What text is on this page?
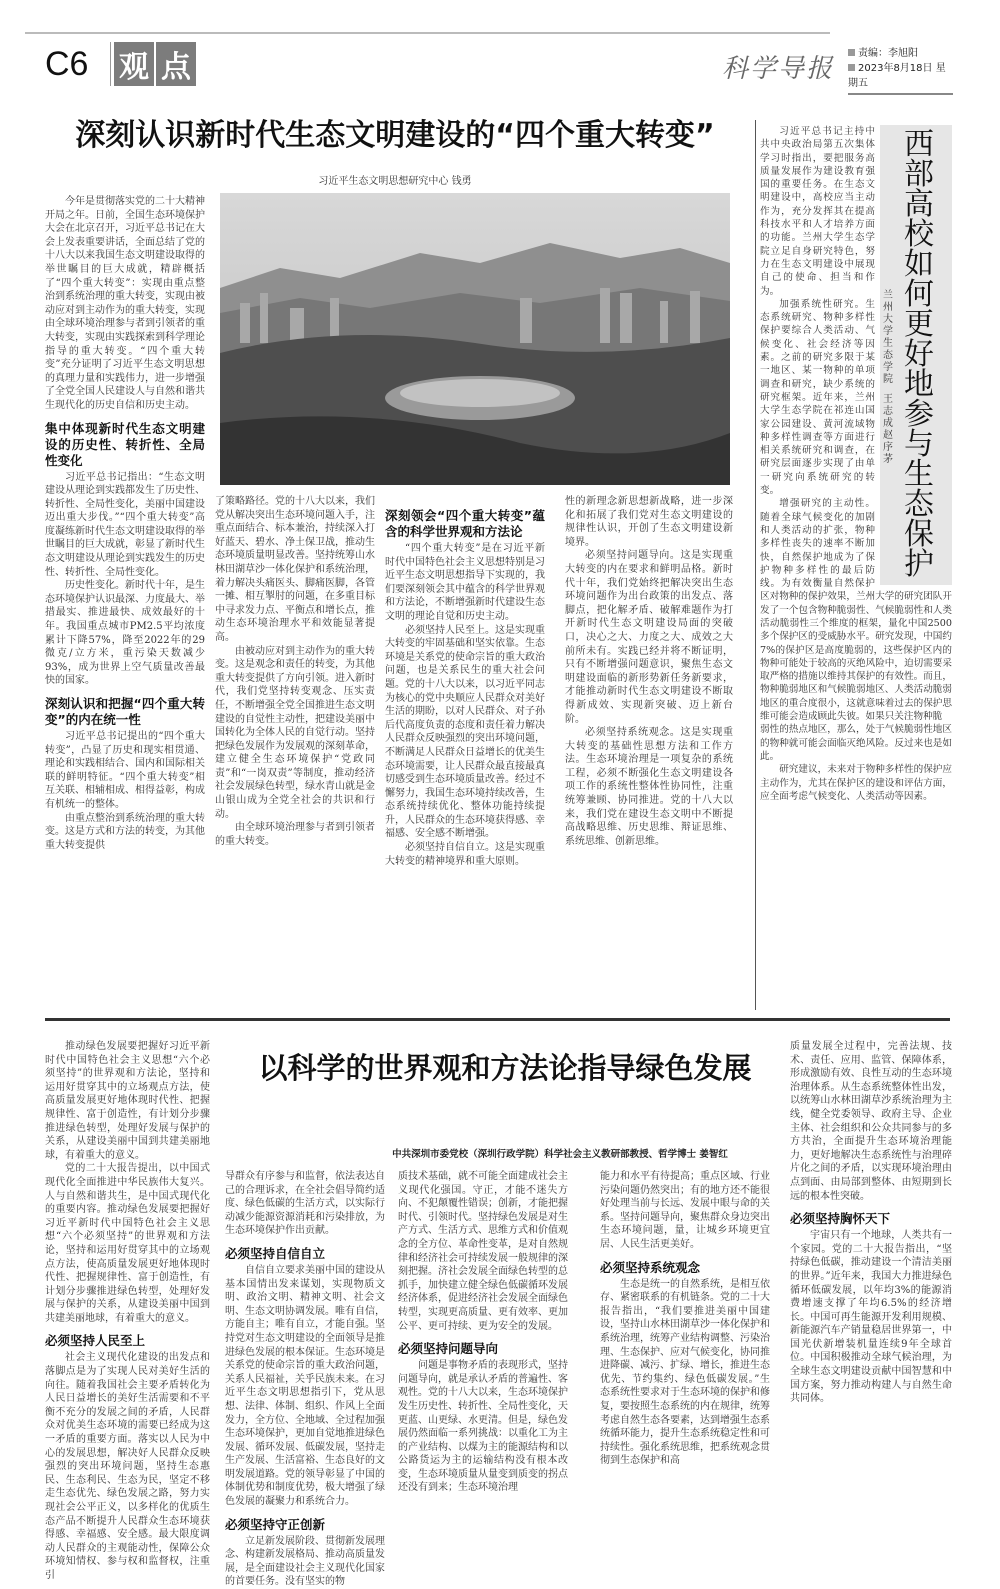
C6 观 点	科学导报
责编：李旭阳
2023年8月18日 星期五
深刻认识新时代生态文明建设的“四个重大转变”
习近平生态文明思想研究中心 钱勇

今年是贯彻落实党的二十大精神开局之年。日前，全国生态环境保护大会在北京召开，习近平总书记在大会上发表重要讲话，全面总结了党的十八大以来我国生态文明建设取得的举世瞩目的巨大成就，精辟概括了“四个重大转变”：实现由重点整治到系统治理的重大转变，实现由被动应对到主动作为的重大转变，实现由全球环境治理参与者到引领者的重大转变，实现由实践探索到科学理论指导的重大转变。“四个重大转变”充分证明了习近平生态文明思想的真理力量和实践伟力，进一步增强了全党全国人民建设人与自然和谐共生现代化的历史自信和历史主动。

集中体现新时代生态文明建设的历史性、转折性、全局性变化

习近平总书记指出：“生态文明建设从理论到实践都发生了历史性、转折性、全局性变化，美丽中国建设迈出重大步伐。”“四个重大转变”高度凝练新时代生态文明建设取得的举世瞩目的巨大成就，彰显了新时代生态文明建设从理论到实践发生的历史性、转折性、全局性变化。

历史性变化。新时代十年，是生态环境保护认识最深、力度最大、举措最实、推进最快、成效最好的十年。我国重点城市PM2.5平均浓度累计下降57%，降至2022年的29微克/立方米，重污染天数减少93%，成为世界上空气质量改善最快的国家。

深刻认识和把握“四个重大转变”的内在统一性

习近平总书记提出的“四个重大转变”，凸显了历史和现实相贯通、理论和实践相结合、国内和国际相关联的鲜明特征。“四个重大转变”相互关联、相辅相成、相得益彰，构成有机统一的整体。

由重点整治到系统治理的重大转变。这是方式和方法的转变，为其他重大转变提供

了策略路径。党的十八大以来，我们党从解决突出生态环境问题入手，注重点面结合、标本兼治，持续深入打好蓝天、碧水、净土保卫战，推动生态环境质量明显改善。坚持统筹山水林田湖草沙一体化保护和系统治理，着力解决头痛医头、脚痛医脚，各管一摊、相互掣肘的问题，在多重目标中寻求发力点、平衡点和增长点，推动生态环境治理水平和效能显著提高。

由被动应对到主动作为的重大转变。这是观念和责任的转变，为其他重大转变提供了方向引领。进入新时代，我们党坚持转变观念、压实责任，不断增强全党全国推进生态文明建设的自觉性主动性，把建设美丽中国转化为全体人民的自觉行动。坚持把绿色发展作为发展观的深刻革命，建立健全生态环境保护“党政同责”和“一岗双责”等制度，推动经济社会发展绿色转型，绿水青山就是金山银山成为全党全社会的共识和行动。

由全球环境治理参与者到引领者的重大转变。

深刻领会“四个重大转变”蕴含的科学世界观和方法论

“四个重大转变”是在习近平新时代中国特色社会主义思想特别是习近平生态文明思想指导下实现的，我们要深刻领会其中蕴含的科学世界观和方法论，不断增强新时代建设生态文明的理论自觉和历史主动。

必须坚持人民至上。这是实现重大转变的牢固基础和坚实依靠。生态环境是关系党的使命宗旨的重大政治问题，也是关系民生的重大社会问题。党的十八大以来，以习近平同志为核心的党中央顺应人民群众对美好生活的期盼，以对人民群众、对子孙后代高度负责的态度和责任着力解决人民群众反映强烈的突出环境问题，不断满足人民群众日益增长的优美生态环境需要，让人民群众最直接最真切感受到生态环境质量改善。经过不懈努力，我国生态环境持续改善，生态系统持续优化、整体功能持续提升，人民群众的生态环境获得感、幸福感、安全感不断增强。

必须坚持自信自立。这是实现重大转变的精神境界和重大原则。

性的新理念新思想新战略，进一步深化和拓展了我们党对生态文明建设的规律性认识，开创了生态文明建设新境界。

必须坚持问题导向。这是实现重大转变的内在要求和鲜明品格。新时代十年，我们党始终把解决突出生态环境问题作为出台政策的出发点、落脚点，把化解矛盾、破解难题作为打开新时代生态文明建设局面的突破口，决心之大、力度之大、成效之大前所未有。实践已经并将不断证明，只有不断增强问题意识，聚焦生态文明建设面临的新形势新任务新要求，才能推动新时代生态文明建设不断取得新成效、实现新突破、迈上新台阶。

必须坚持系统观念。这是实现重大转变的基础性思想方法和工作方法。生态环境治理是一项复杂的系统工程，必须不断强化生态文明建设各项工作的系统性整体性协同性，注重统筹兼顾、协同推进。党的十八大以来，我们党在建设生态文明中不断提高战略思维、历史思维、辩证思维、系统思维、创新思维。

西部高校如何更好地参与生态保护
兰州大学生态学院
王志成 赵序茅

习近平总书记主持中共中央政治局第五次集体学习时指出，要把服务高质量发展作为建设教育强国的重要任务。在生态文明建设中，高校应当主动作为，充分发挥其在提高科技水平和人才培养方面的功能。兰州大学生态学院立足自身研究特色，努力在生态文明建设中展现自己的使命、担当和作为。

加强系统性研究。生态系统研究、物种多样性保护要综合人类活动、气候变化、社会经济等因素。之前的研究多限于某一地区、某一物种的单项调查和研究，缺少系统的研究框架。近年来，兰州大学生态学院在祁连山国家公园建设、黄河流域物种多样性调查等方面进行相关系统研究和调查，在研究层面逐步实现了由单一研究向系统研究的转变。

增强研究的主动性。随着全球气候变化的加剧和人类活动的扩张，物种多样性丧失的速率不断加快，自然保护地成为了保护物种多样性的最后防线。为有效衡量自然保护区对物种的保护效果，兰州大学的研究团队开发了一个包含物种脆弱性、气候脆弱性和人类活动脆弱性三个维度的框架，量化中国2500多个保护区的受威胁水平。研究发现，中国约7%的保护区是高度脆弱的，这些保护区内的物种可能处于较高的灭绝风险中，迫切需要采取严格的措施以维持其保护的有效性。而且，物种脆弱地区和气候脆弱地区、人类活动脆弱地区的重合度很小，这就意味着过去的保护思维可能会造成顾此失彼。如果只关注物种脆

弱性的热点地区，那么，处于气候脆弱性地区的物种就可能会面临灭绝风险。反过来也是如此。

研究建议，未来对于物种多样性的保护应主动作为，尤其在保护区的建设和评估方面，应全面考虑气候变化、人类活动等因素。

推动绿色发展要把握好习近平新时代中国特色社会主义思想“六个必须坚持”的世界观和方法论，坚持和运用好贯穿其中的立场观点方法，使高质量发展更好地体现时代性、把握规律性、富于创造性，有计划分步骤推进绿色转型，处理好发展与保护的关系，从建设美丽中国到共建美丽地球，有着重大的意义。

党的二十大报告提出，以中国式现代化全面推进中华民族伟大复兴。人与自然和谐共生，是中国式现代化的重要内容。推动绿色发展要把握好习近平新时代中国特色社会主义思想“六个必须坚持”的世界观和方法论，坚持和运用好贯穿其中的立场观点方法，使高质量发展更好地体现时代性、把握规律性、富于创造性，有计划分步骤推进绿色转型，处理好发展与保护的关系，从建设美丽中国到共建美丽地球，有着重大的意义。

必须坚持人民至上

社会主义现代化建设的出发点和落脚点是为了实现人民对美好生活的向往。随着我国社会主要矛盾转化为人民日益增长的美好生活需要和不平衡不充分的发展之间的矛盾，人民群众对优美生态环境的需要已经成为这一矛盾的重要方面。落实以人民为中心的发展思想，解决好人民群众反映强烈的突出环境问题，坚持生态惠民、生态利民、生态为民，坚定不移走生态优先、绿色发展之路，努力实现社会公平正义，以多样化的优质生态产品不断提升人民群众生态环境获得感、幸福感、安全感。最大限度调动人民群众的主观能动性，保障公众环境知情权、参与权和监督权，注重引

以科学的世界观和方法论指导绿色发展
中共深圳市委党校（深圳行政学院）科学社会主义教研部教授、哲学博士 姜智红

导群众有序参与和监督，依法表达自己的合理诉求，在全社会倡导简约适度、绿色低碳的生活方式，以实际行动减少能源资源消耗和污染排放，为生态环境保护作出贡献。

必须坚持自信自立

自信自立要求美丽中国的建设从基本国情出发来谋划，实现物质文明、政治文明、精神文明、社会文明、生态文明协调发展。唯有自信，方能自主；唯有自立，才能自强。坚持党对生态文明建设的全面领导是推进绿色发展的根本保证。生态环境是关系党的使命宗旨的重大政治问题，关系人民福祉，关乎民族未来。在习近平生态文明思想指引下，党从思想、法律、体制、组织、作风上全面发力，全方位、全地域、全过程加强生态环境保护，更加自觉地推进绿色发展、循环发展、低碳发展，坚持走生产发展、生活富裕、生态良好的文明发展道路。党的领导彰显了中国的体制优势和制度优势，极大增强了绿色发展的凝聚力和系统合力。

必须坚持守正创新

立足新发展阶段、贯彻新发展理念、构建新发展格局、推动高质量发展，是全面建设社会主义现代化国家的首要任务。没有坚实的物

质技术基础，就不可能全面建成社会主义现代化强国。守正，才能不迷失方向、不犯颠覆性错误；创新，才能把握时代、引领时代。坚持绿色发展是对生产方式、生活方式、思维方式和价值观念的全方位、革命性变革，是对自然规律和经济社会可持续发展一般规律的深刻把握。济社会发展全面绿色转型的总抓手，加快建立健全绿色低碳循环发展经济体系，促进经济社会发展全面绿色转型，实现更高质量、更有效率、更加公平、更可持续、更为安全的发展。

必须坚持问题导向

问题是事物矛盾的表现形式，坚持问题导向，就是承认矛盾的普遍性、客观性。党的十八大以来，生态环境保护发生历史性、转折性、全局性变化，天更蓝、山更绿、水更清。但是，绿色发展仍然面临一系列挑战：以重化工为主的产业结构、以煤为主的能源结构和以公路货运为主的运输结构没有根本改变，生态环境质量从量变到质变的拐点还没有到来；生态环境治理

能力和水平有待提高；重点区域、行业污染问题仍然突出；有的地方还不能很好处理当前与长远、发展中眼与命的关系。坚持问题导向，聚焦群众身边突出生态环境问题，量，让城乡环境更宜居、人民生活更美好。

必须坚持系统观念

生态是统一的自然系统，是相互依存、紧密联系的有机链条。党的二十大报告指出，“我们要推进美丽中国建设，坚持山水林田湖草沙一体化保护和系统治理，统筹产业结构调整、污染治理、生态保护、应对气候变化，协同推进降碳、减污、扩绿、增长，推进生态优先、节约集约、绿色低碳发展。”生态系统性要求对于生态环境的保护和修复，要按照生态系统的内在规律，统筹考虑自然生态各要素，达到增强生态系统循环能力，提升生态系统稳定性和可持续性。强化系统思维，把系统观念贯彻到生态保护和高

质量发展全过程中，完善法规、技术、责任、应用、监管、保障体系，形成激励有效、良性互动的生态环境治理体系。从生态系统整体性出发，以统筹山水林田湖草沙系统治理为主线，健全党委领导、政府主导、企业主体、社会组织和公众共同参与的多方共治，全面提升生态环境治理能力，更好地解决生态系统性与治理碎片化之间的矛盾，以实现环境治理由点到面、由局部到整体、由短期到长远的根本性突破。

必须坚持胸怀天下

宇宙只有一个地球，人类共有一个家园。党的二十大报告指出，“坚持绿色低碳，推动建设一个清洁美丽的世界。”近年来，我国大力推进绿色循环低碳发展，以年均3%的能源消费增速支撑了年均6.5%的经济增长。中国可再生能源开发利用规模、新能源汽车产销量稳居世界第一，中国光伏新增装机量连续9年全球首位。中国积极推动全球气候治理，为全球生态文明建设贡献中国智慧和中国方案，努力推动构建人与自然生命共同体。
